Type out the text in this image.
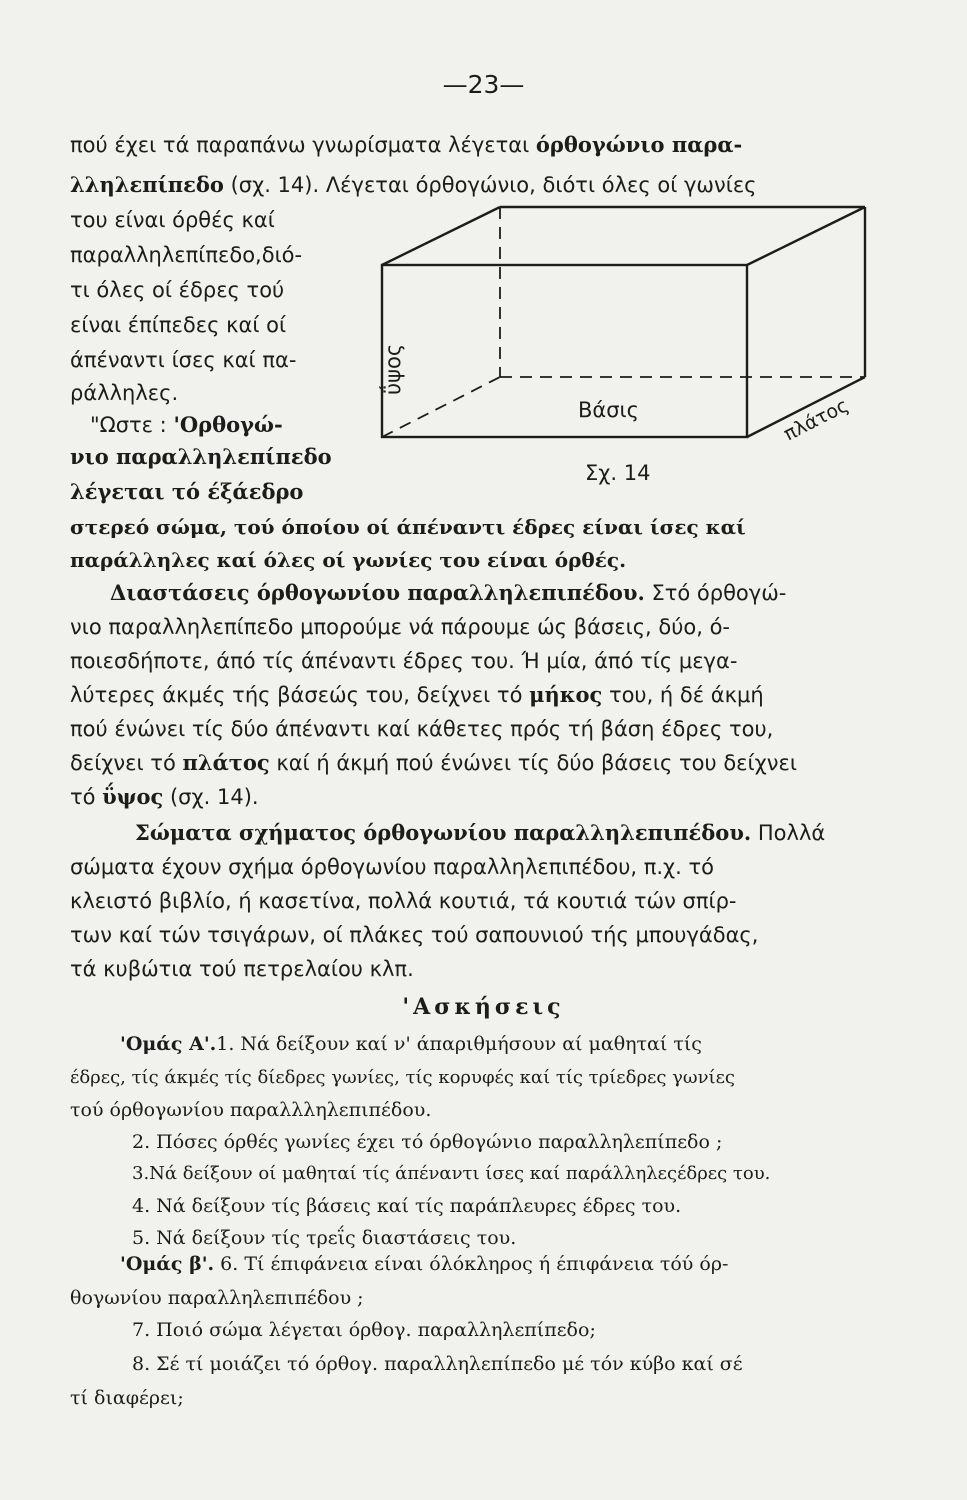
—23—
πού έχει τά παραπάνω γνωρίσματα λέγεται όρθογώνιο παρα-
λληλεπίπεδο (σχ. 14). Λέγεται όρθογώνιο, διότι όλες οί γωνίες
του είναι όρθές καί
παραλληλεπίπεδο,διό-
τι όλες οί έδρες τού
είναι έπίπεδες καί οί
άπέναντι ίσες καί πα-
ράλληλες.
"Ωστε : 'Ορθογώ-
νιο παραλληλεπίπεδο
λέγεται τό έξάεδρο
στερεό σώμα, τού όποίου οί άπέναντι έδρες είναι ίσες καί
παράλληλες καί όλες οί γωνίες του είναι όρθές.
ΰψος
Βάσις	πλάτος
Σχ. 14
Διαστάσεις όρθογωνίου παραλληλεπιπέδου. Στό όρθογώ-
νιο παραλληλεπίπεδο μπορούμε νά πάρουμε ώς βάσεις, δύο, ό-
ποιεσδήποτε, άπό τίς άπέναντι έδρες του. Ή μία, άπό τίς μεγα-
λύτερες άκμές τής βάσεώς του, δείχνει τό μήκος του, ή δέ άκμή
πού ένώνει τίς δύο άπέναντι καί κάθετες πρός τή βάση έδρες του,
δείχνει τό πλάτος καί ή άκμή πού ένώνει τίς δύο βάσεις του δείχνει
τό ΰψος (σχ. 14).
Σώματα σχήματος όρθογωνίου παραλληλεπιπέδου. Πολλά
σώματα έχουν σχήμα όρθογωνίου παραλληλεπιπέδου, π.χ. τό
κλειστό βιβλίο, ή κασετίνα, πολλά κουτιά, τά κουτιά τών σπίρ-
των καί τών τσιγάρων, οί πλάκες τού σαπουνιού τής μπουγάδας,
τά κυβώτια τού πετρελαίου κλπ.
'Ασκήσεις
'Ομάς Α'.1. Νά δείξουν καί ν' άπαριθμήσουν αί μαθηταί τίς
έδρες, τίς άκμές τίς δίεδρες γωνίες, τίς κορυφές καί τίς τρίεδρες γωνίες
τού όρθογωνίου παραλλληλεπιπέδου.
2. Πόσες όρθές γωνίες έχει τό όρθογώνιο παραλληλεπίπεδο ;
3.Νά δείξουν οί μαθηταί τίς άπέναντι ίσες καί παράλληλεςέδρες του.
4. Νά δείξουν τίς βάσεις καί τίς παράπλευρες έδρες του.
5. Νά δείξουν τίς τρεΐς διαστάσεις του.
'Ομάς β'. 6. Τί έπιφάνεια είναι όλόκληρος ή έπιφάνεια τόύ όρ-
θογωνίου παραλληλεπιπέδου ;
7. Ποιό σώμα λέγεται όρθογ. παραλληλεπίπεδο;
8. Σέ τί μοιάζει τό όρθογ. παραλληλεπίπεδο μέ τόν κύβο καί σέ
τί διαφέρει;
